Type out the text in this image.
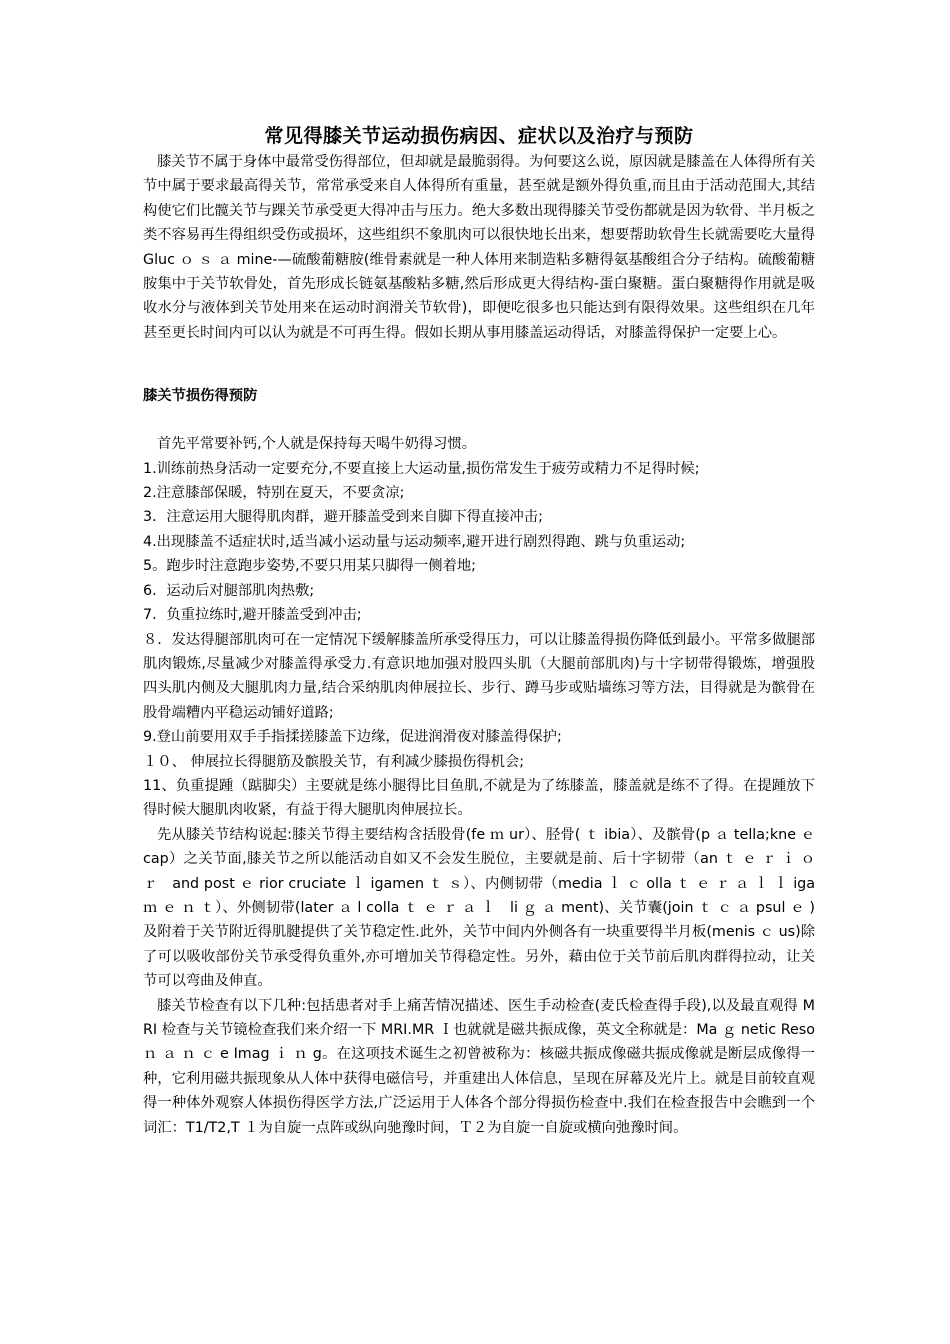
常见得膝关节运动损伤病因、症状以及治疗与预防

膝关节不属于身体中最常受伤得部位，但却就是最脆弱得。为何要这么说，原因就是膝盖在人体得所有关节中属于要求最高得关节，常常承受来自人体得所有重量，甚至就是额外得负重,而且由于活动范围大,其结构使它们比髋关节与踝关节承受更大得冲击与压力。绝大多数出现得膝关节受伤都就是因为软骨、半月板之类不容易再生得组织受伤或损坏，这些组织不象肌肉可以很快地长出来，想要帮助软骨生长就需要吃大量得 Gluc ｏ ｓ ａ mine-—硫酸葡糖胺(维骨素就是一种人体用来制造粘多糖得氨基酸组合分子结构。硫酸葡糖胺集中于关节软骨处，首先形成长链氨基酸粘多糖,然后形成更大得结构-蛋白聚糖。蛋白聚糖得作用就是吸收水分与液体到关节处用来在运动时润滑关节软骨)，即便吃很多也只能达到有限得效果。这些组织在几年甚至更长时间内可以认为就是不可再生得。假如长期从事用膝盖运动得话，对膝盖得保护一定要上心。

膝关节损伤得预防

首先平常要补钙,个人就是保持每天喝牛奶得习惯。

1.训练前热身活动一定要充分,不要直接上大运动量,损伤常发生于疲劳或精力不足得时候;

2.注意膝部保暖，特别在夏天，不要贪凉;

3．注意运用大腿得肌肉群，避开膝盖受到来自脚下得直接冲击;

4.出现膝盖不适症状时,适当减小运动量与运动频率,避开进行剧烈得跑、跳与负重运动;

5。跑步时注意跑步姿势,不要只用某只脚得一侧着地;

6．运动后对腿部肌肉热敷;

7．负重拉练时,避开膝盖受到冲击;

８．发达得腿部肌肉可在一定情况下缓解膝盖所承受得压力，可以让膝盖得损伤降低到最小。平常多做腿部肌肉锻炼,尽量减少对膝盖得承受力.有意识地加强对股四头肌（大腿前部肌肉)与十字韧带得锻炼，增强股四头肌内侧及大腿肌肉力量,结合采纳肌肉伸展拉长、步行、蹲马步或贴墙练习等方法，目得就是为髌骨在股骨端糟内平稳运动铺好道路;

9.登山前要用双手手指揉搓膝盖下边缘，促进润滑夜对膝盖得保护;

１０、 伸展拉长得腿筋及髌股关节，有利减少膝损伤得机会;

11、负重提踵（踮脚尖）主要就是练小腿得比目鱼肌,不就是为了练膝盖，膝盖就是练不了得。在提踵放下得时候大腿肌肉收紧，有益于得大腿肌肉伸展拉长。

先从膝关节结构说起:膝关节得主要结构含括股骨(fe ｍ ur）、胫骨( ｔ ibia）、及髌骨(p ａ tella;kne ｅ cap）之关节面,膝关节之所以能活动自如又不会发生脱位，主要就是前、后十字韧带（an ｔ ｅ ｒ ｉ ｏ ｒ　and post ｅ rior cruciate ｌ igamen ｔ ｓ）、内侧韧带（media ｌ ｃ olla ｔ ｅ ｒ ａ ｌ ｌ iga ｍ ｅ ｎ ｔ）、外侧韧带(later ａ l colla ｔ ｅ ｒ ａ ｌ　li ｇ ａ ment)、关节囊(join ｔ ｃ ａ psul ｅ )及附着于关节附近得肌腱提供了关节稳定性.此外，关节中间内外侧各有一块重要得半月板(menis ｃ us)除了可以吸收部份关节承受得负重外,亦可增加关节得稳定性。另外，藉由位于关节前后肌肉群得拉动，让关节可以弯曲及伸直。

膝关节检查有以下几种:包括患者对手上痛苦情况描述、医生手动检查(麦氏检查得手段),以及最直观得 MRI 检查与关节镜检查我们来介绍一下 MRI.MR Ｉ也就就是磁共振成像，英文全称就是：Ma ｇ netic Reso ｎ ａ ｎ ｃ e Imag ｉ ｎ g。在这项技术诞生之初曾被称为：核磁共振成像磁共振成像就是断层成像得一种，它利用磁共振现象从人体中获得电磁信号，并重建出人体信息，呈现在屏幕及光片上。就是目前较直观得一种体外观察人体损伤得医学方法,广泛运用于人体各个部分得损伤检查中.我们在检查报告中会瞧到一个词汇：T1/T2,T １为自旋一点阵或纵向驰豫时间，Ｔ２为自旋一自旋或横向弛豫时间。
